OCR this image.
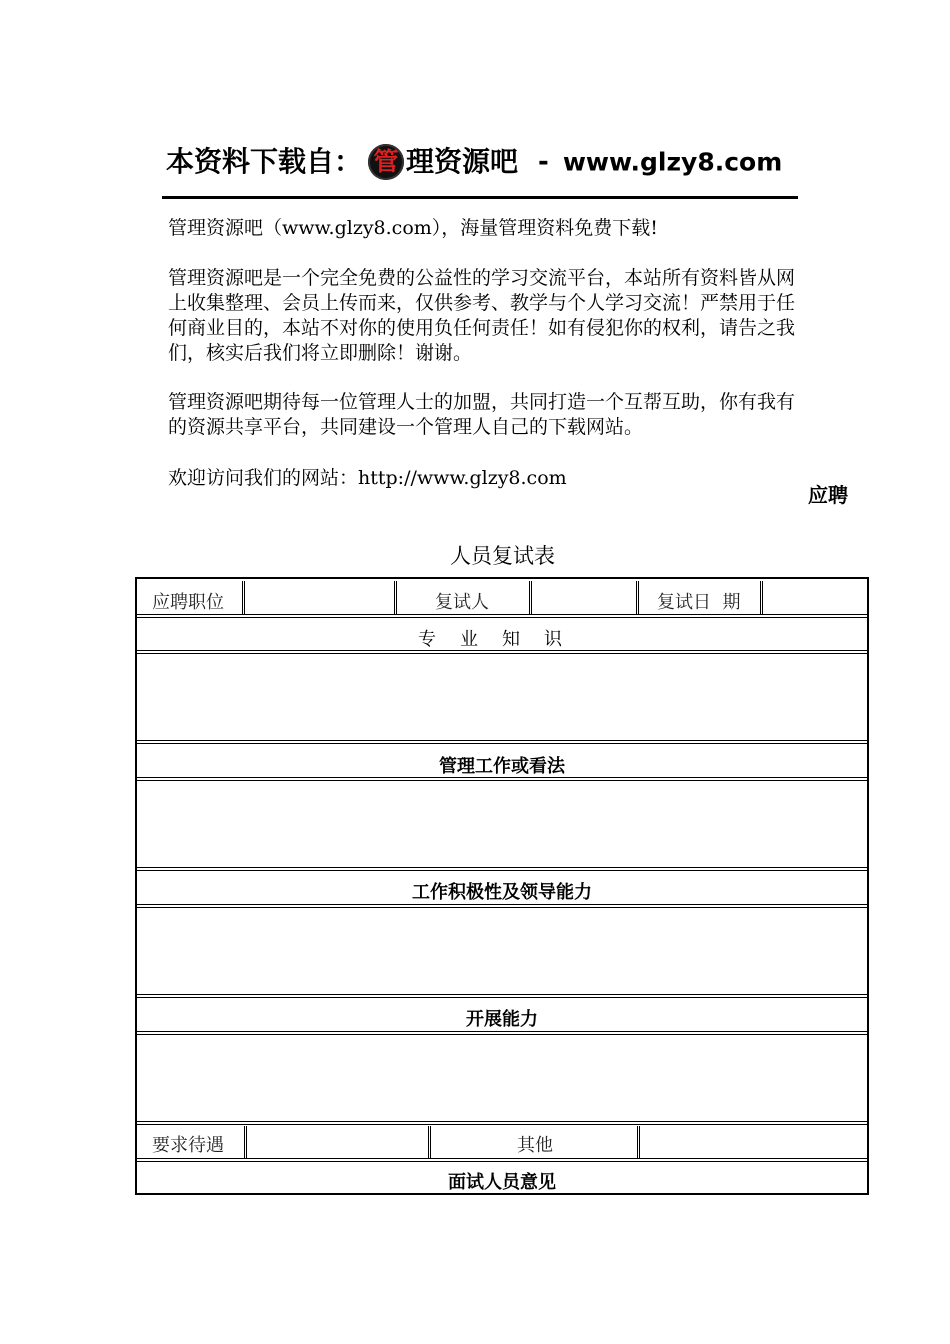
本资料下载自： 管 理资源吧 - www.glzy8.com

管理资源吧（www.glzy8.com），海量管理资料免费下载!

管理资源吧是一个完全免费的公益性的学习交流平台，本站所有资料皆从网上收集整理、会员上传而来，仅供参考、教学与个人学习交流！严禁用于任何商业目的，本站不对你的使用负任何责任！如有侵犯你的权利，请告之我们，核实后我们将立即删除！谢谢。

管理资源吧期待每一位管理人士的加盟，共同打造一个互帮互助，你有我有的资源共享平台，共同建设一个管理人自己的下载网站。

欢迎访问我们的网站：http://www.glzy8.com

应聘
人员复试表
应聘职位	复试人	复试日  期
专业知识
管理工作或看法
工作积极性及领导能力
开展能力
要求待遇	其他
面试人员意见
